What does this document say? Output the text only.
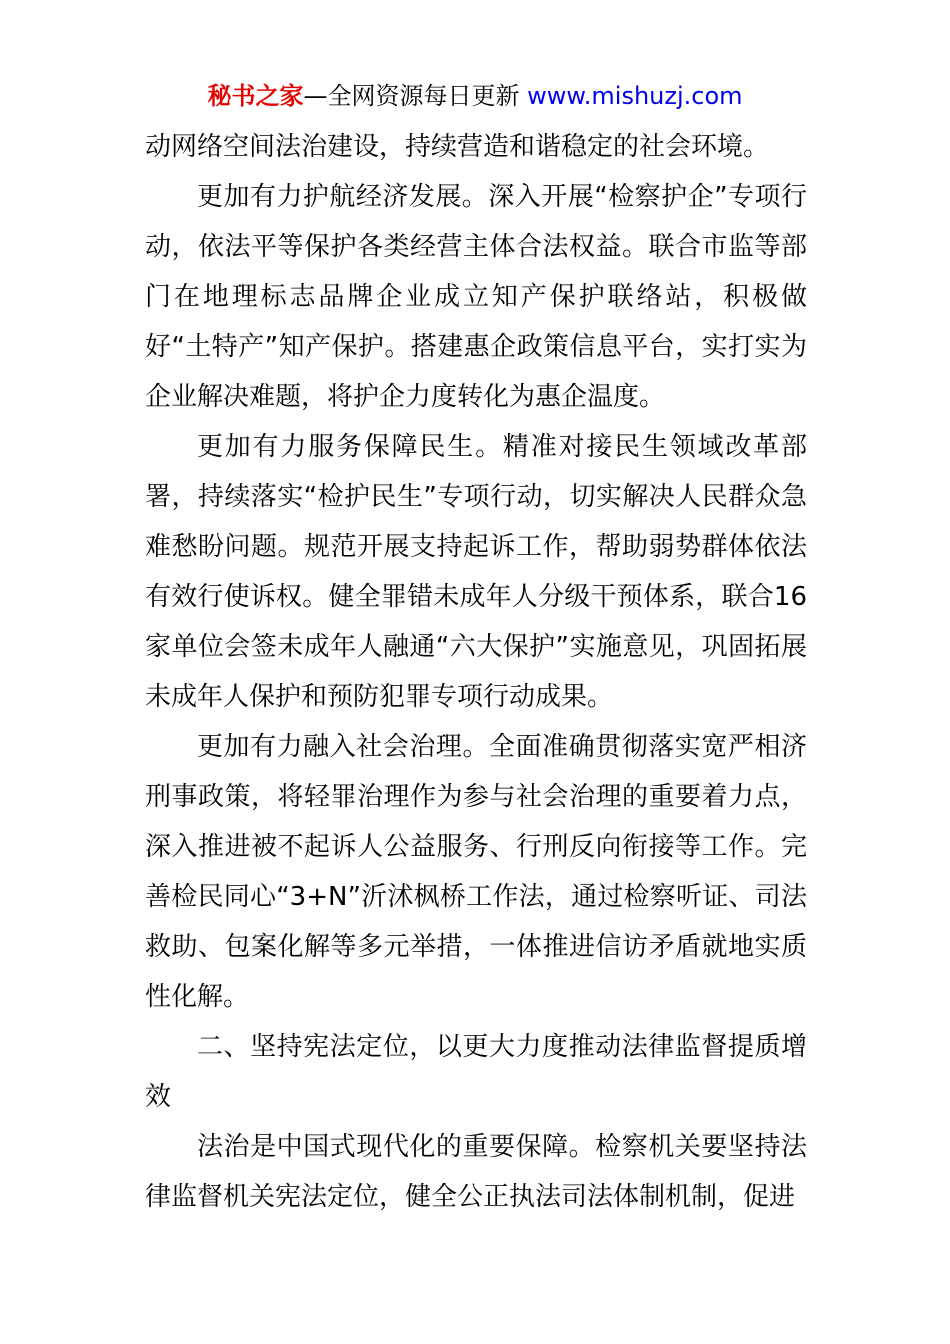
秘书之家—全网资源每日更新 www.mishuzj.com

动网络空间法治建设，持续营造和谐稳定的社会环境。

更加有力护航经济发展。深入开展“检察护企”专项行动，依法平等保护各类经营主体合法权益。联合市监等部门在地理标志品牌企业成立知产保护联络站，积极做好“土特产”知产保护。搭建惠企政策信息平台，实打实为企业解决难题，将护企力度转化为惠企温度。

更加有力服务保障民生。精准对接民生领域改革部署，持续落实“检护民生”专项行动，切实解决人民群众急难愁盼问题。规范开展支持起诉工作，帮助弱势群体依法有效行使诉权。健全罪错未成年人分级干预体系，联合16家单位会签未成年人融通“六大保护”实施意见，巩固拓展未成年人保护和预防犯罪专项行动成果。

更加有力融入社会治理。全面准确贯彻落实宽严相济刑事政策，将轻罪治理作为参与社会治理的重要着力点，深入推进被不起诉人公益服务、行刑反向衔接等工作。完善检民同心“3+N”沂沭枫桥工作法，通过检察听证、司法救助、包案化解等多元举措，一体推进信访矛盾就地实质性化解。

二、坚持宪法定位，以更大力度推动法律监督提质增效

法治是中国式现代化的重要保障。检察机关要坚持法律监督机关宪法定位，健全公正执法司法体制机制，促进
